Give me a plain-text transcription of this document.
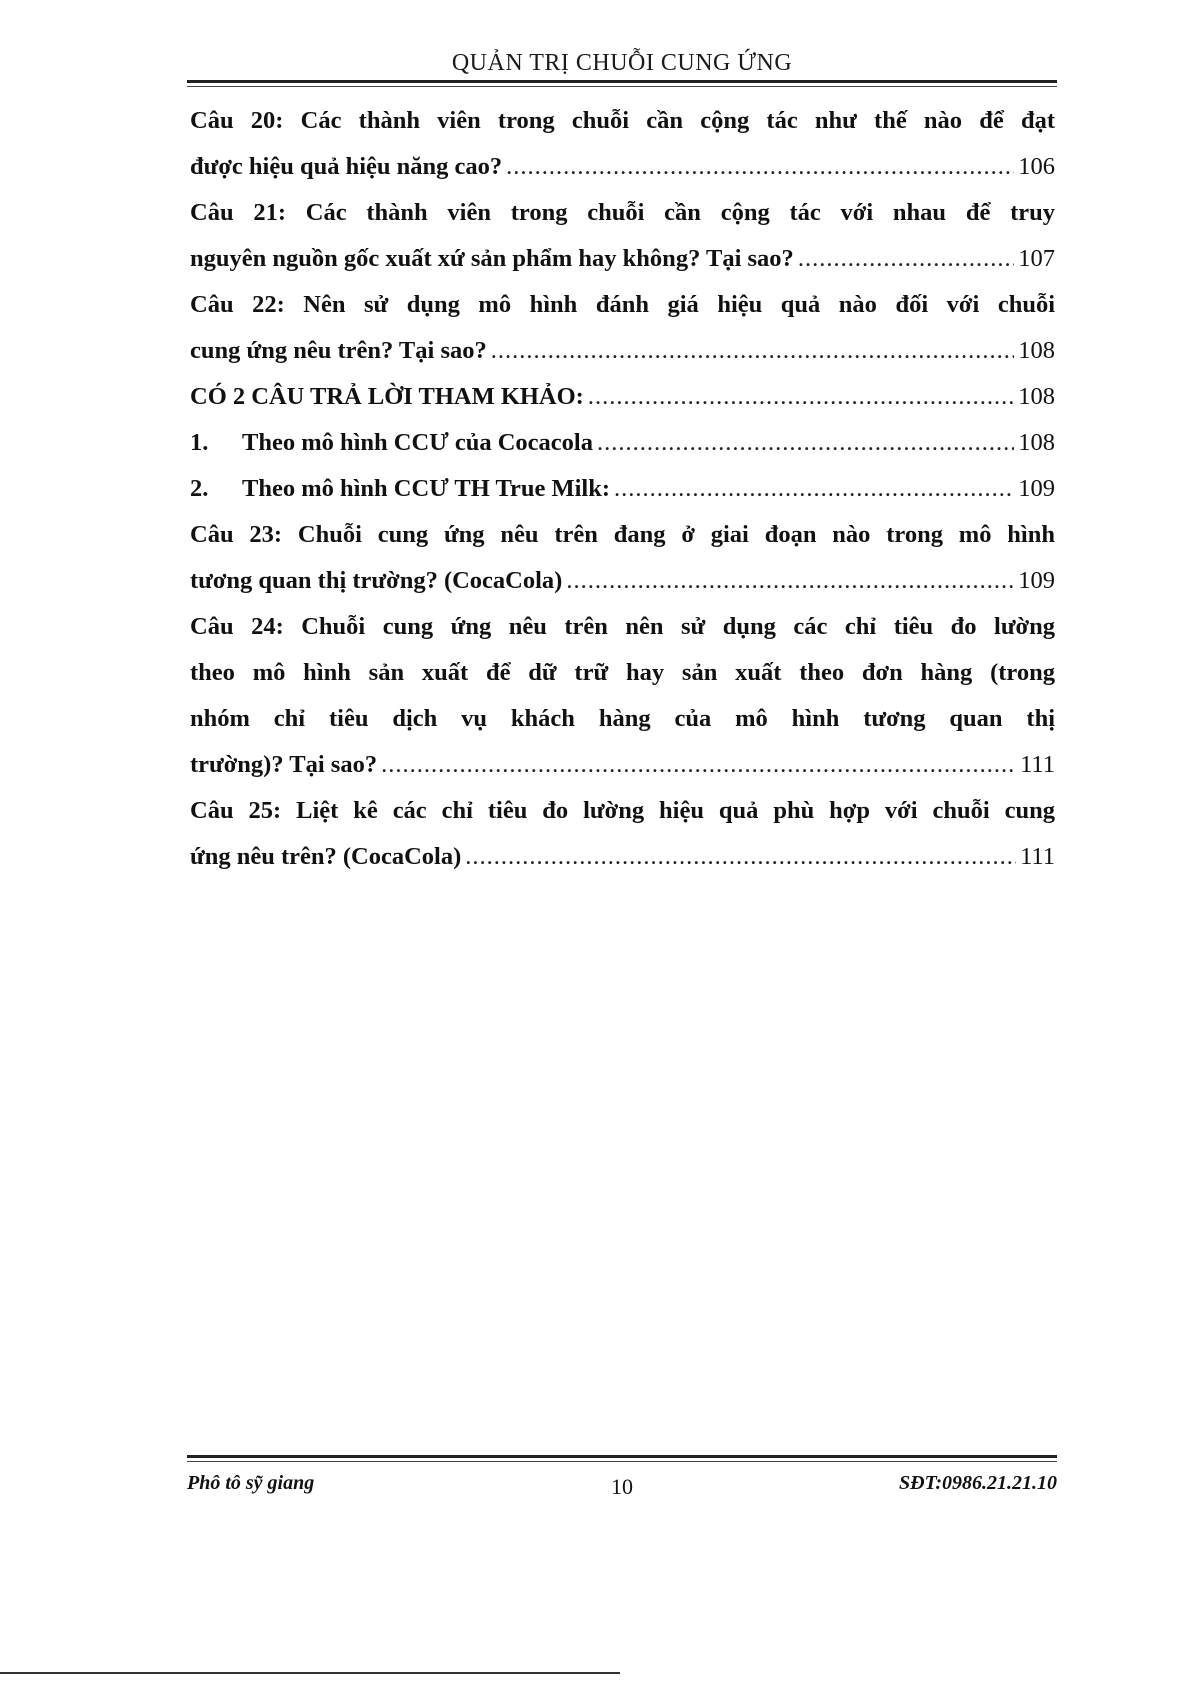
QUẢN TRỊ CHUỖI CUNG ỨNG
Câu 20: Các thành viên trong chuỗi cần cộng tác như thế nào để đạt
được hiệu quả hiệu năng cao? .....	106
Câu 21: Các thành viên trong chuỗi cần cộng tác với nhau để truy
nguyên nguồn gốc xuất xứ sản phẩm hay không? Tại sao? .....	107
Câu 22: Nên sử dụng mô hình đánh giá hiệu quả nào đối với chuỗi
cung ứng nêu trên? Tại sao? .....	108
CÓ 2 CÂU TRẢ LỜI THAM KHẢO: .....	108
1. Theo mô hình CCƯ của Cocacola .....	108
2. Theo mô hình CCƯ TH True Milk: .....	109
Câu 23: Chuỗi cung ứng nêu trên đang ở giai đoạn nào trong mô hình
tương quan thị trường? (CocaCola) .....	109
Câu 24: Chuỗi cung ứng nêu trên nên sử dụng các chỉ tiêu đo lường
theo mô hình sản xuất để dữ trữ hay sản xuất theo đơn hàng (trong
nhóm chỉ tiêu dịch vụ khách hàng của mô hình tương quan thị
trường)? Tại sao? .....	111
Câu 25: Liệt kê các chỉ tiêu đo lường hiệu quả phù hợp với chuỗi cung
ứng nêu trên? (CocaCola) .....	111
Phô tô sỹ giang	10	SĐT:0986.21.21.10
